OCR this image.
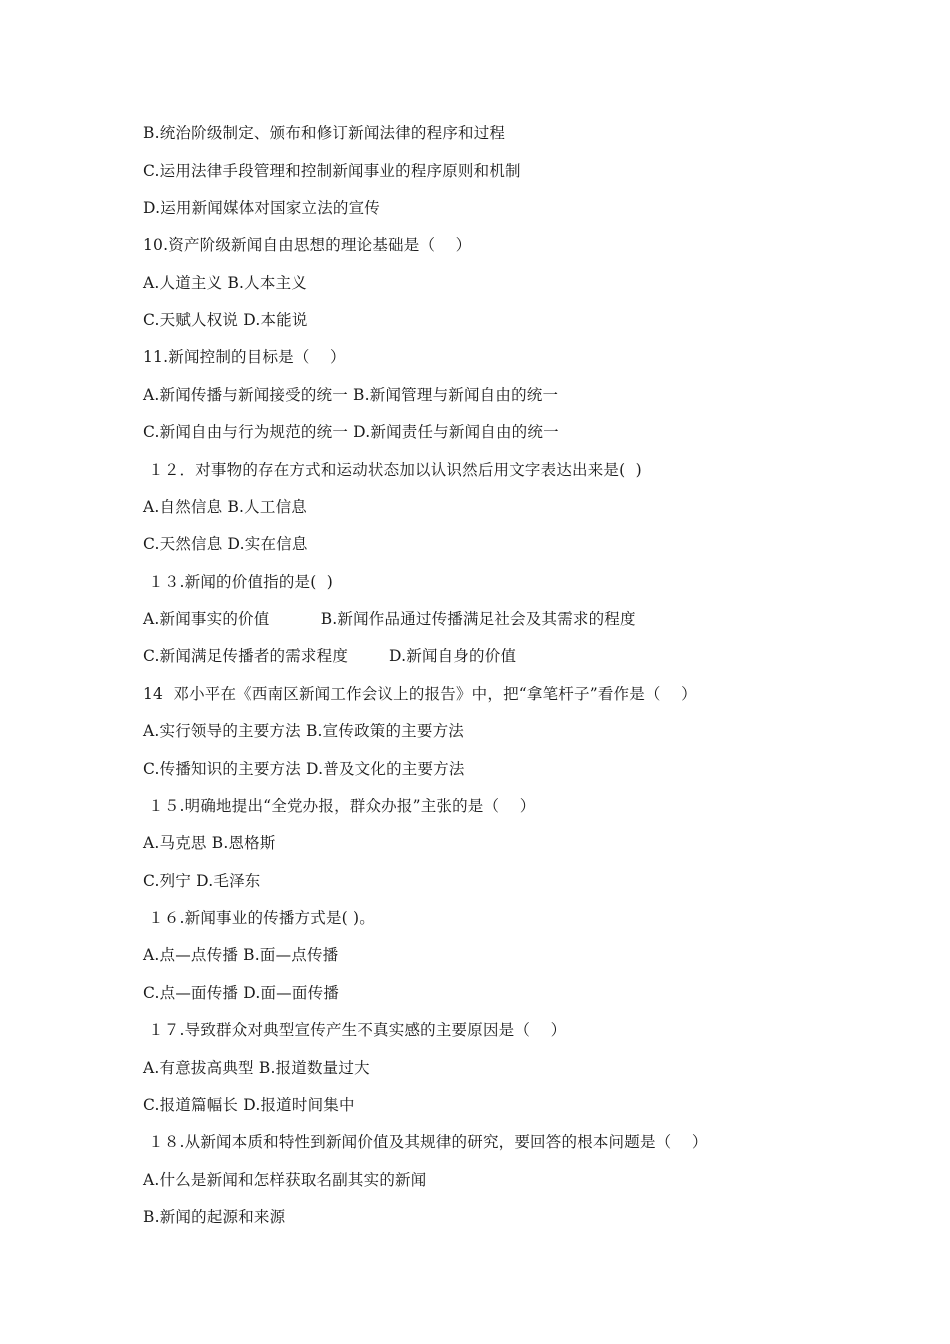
B.统治阶级制定、颁布和修订新闻法律的程序和过程
C.运用法律手段管理和控制新闻事业的程序原则和机制
D.运用新闻媒体对国家立法的宣传
10.资产阶级新闻自由思想的理论基础是（    ）
A.人道主义 B.人本主义
C.天赋人权说 D.本能说
11.新闻控制的目标是（    ）
A.新闻传播与新闻接受的统一 B.新闻管理与新闻自由的统一
C.新闻自由与行为规范的统一 D.新闻责任与新闻自由的统一
１２．对事物的存在方式和运动状态加以认识然后用文字表达出来是(  )
A.自然信息 B.人工信息
C.天然信息 D.实在信息
１３.新闻的价值指的是(  )
A.新闻事实的价值          B.新闻作品通过传播满足社会及其需求的程度
C.新闻满足传播者的需求程度        D.新闻自身的价值
14  邓小平在《西南区新闻工作会议上的报告》中，把“拿笔杆子”看作是（    ）
A.实行领导的主要方法 B.宣传政策的主要方法
C.传播知识的主要方法 D.普及文化的主要方法
１５.明确地提出“全党办报，群众办报”主张的是（    ）
A.马克思 B.恩格斯
C.列宁 D.毛泽东
１６.新闻事业的传播方式是( )。
A.点—点传播 B.面—点传播
C.点—面传播 D.面—面传播
１７.导致群众对典型宣传产生不真实感的主要原因是（    ）
A.有意拔高典型 B.报道数量过大
C.报道篇幅长 D.报道时间集中
１８.从新闻本质和特性到新闻价值及其规律的研究，要回答的根本问题是（    ）
A.什么是新闻和怎样获取名副其实的新闻
B.新闻的起源和来源
